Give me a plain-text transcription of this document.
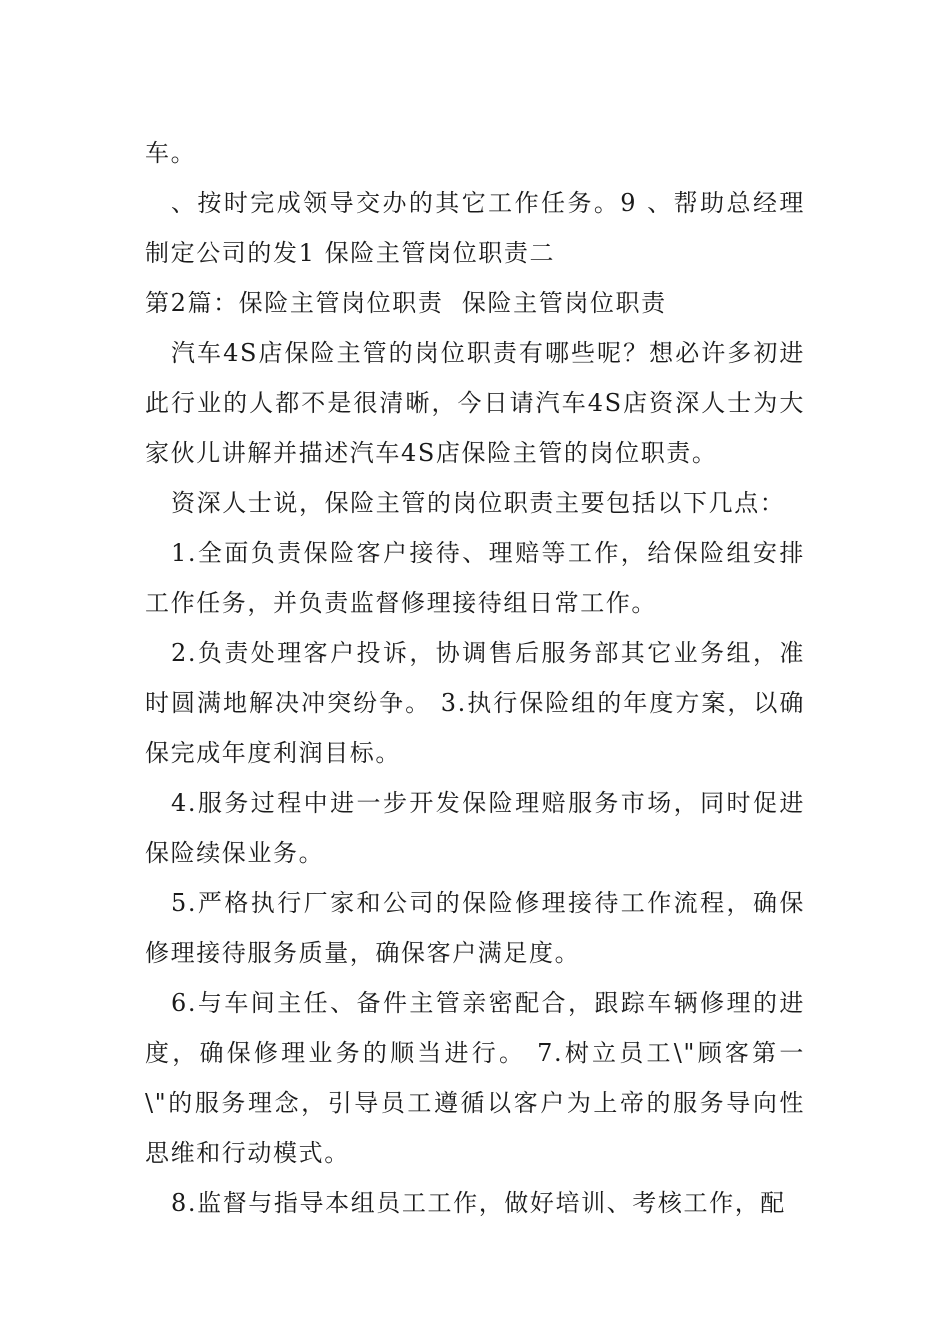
车。

、按时完成领导交办的其它工作任务。9 、帮助总经理制定公司的发1 保险主管岗位职责二

第2篇：保险主管岗位职责  保险主管岗位职责

汽车4S店保险主管的岗位职责有哪些呢？想必许多初进此行业的人都不是很清晰，今日请汽车4S店资深人士为大家伙儿讲解并描述汽车4S店保险主管的岗位职责。

资深人士说，保险主管的岗位职责主要包括以下几点：

1.全面负责保险客户接待、理赔等工作，给保险组安排工作任务，并负责监督修理接待组日常工作。

2.负责处理客户投诉，协调售后服务部其它业务组，准时圆满地解决冲突纷争。 3.执行保险组的年度方案，以确保完成年度利润目标。

4.服务过程中进一步开发保险理赔服务市场，同时促进保险续保业务。

5.严格执行厂家和公司的保险修理接待工作流程，确保修理接待服务质量，确保客户满足度。

6.与车间主任、备件主管亲密配合，跟踪车辆修理的进度，确保修理业务的顺当进行。 7.树立员工\"顾客第一\"的服务理念，引导员工遵循以客户为上帝的服务导向性思维和行动模式。

8.监督与指导本组员工工作，做好培训、考核工作，配
